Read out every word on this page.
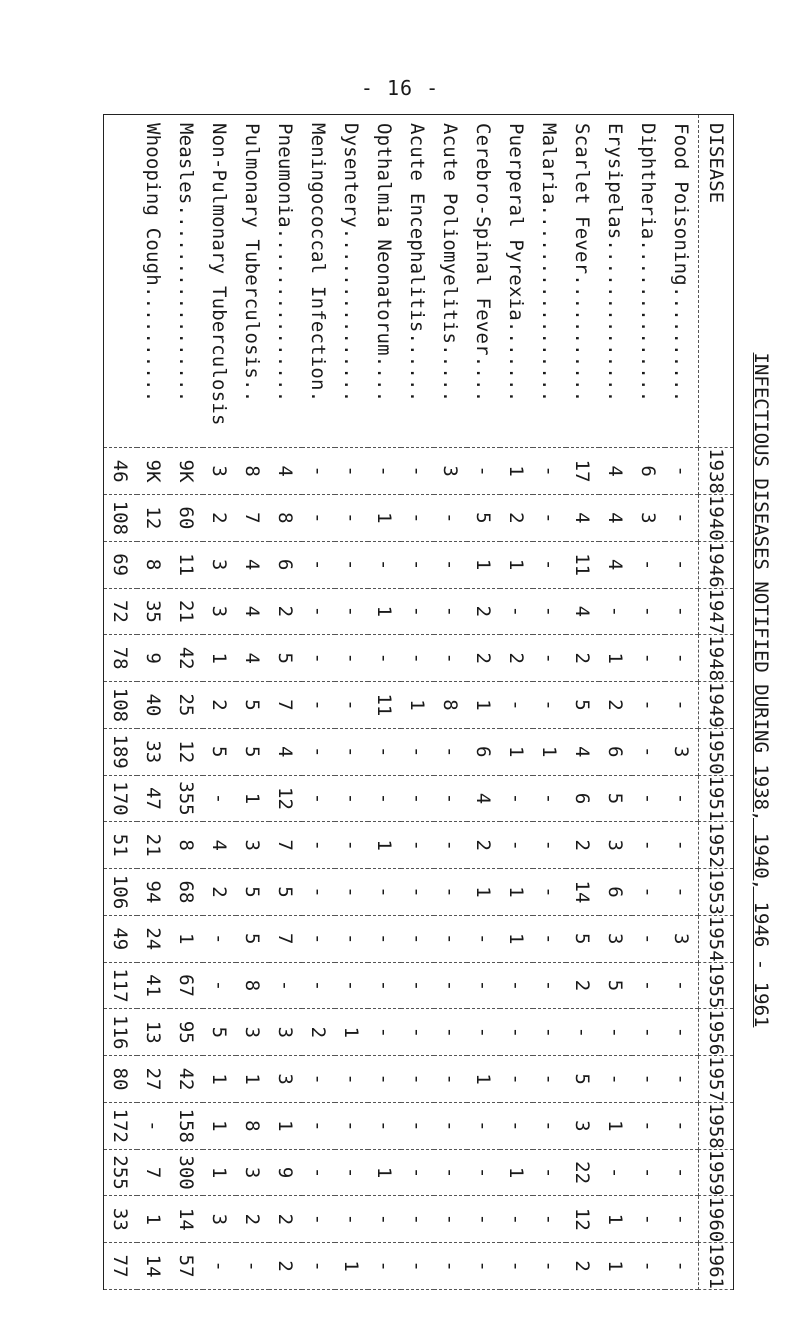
- 16 -
INFECTIOUS DISEASES NOTIFIED DURING 1938, 1940, 1946 - 1961
DISEASE	1938	1940	1946	1947	1948	1949	1950	1951	1952	1953	1954	1955	1956	1957	1958	1959	1960	1961
Food Poisoning..........	-	-	-	-	-	-	3	-	-	-	3	-	-	-	-	-	-	-
Diphtheria..............	6	3	-	-	-	-	-	-	-	-	-	-	-	-	-	-	-	-
Erysipelas..............	4	4	4	-	1	2	6	5	3	6	3	5	-	-	1	-	1	1
Scarlet Fever...........	17	4	11	4	2	5	4	6	2	14	5	2	-	5	3	22	12	2
Malaria.................	-	-	-	-	-	-	1	-	-	-	-	-	-	-	-	-	-	-
Puerperal Pyrexia.......	1	2	1	-	2	-	1	-	-	1	1	-	-	-	-	1	-	-
Cerebro-Spinal Fever....	-	5	1	2	2	1	6	4	2	1	-	-	-	1	-	-	-	-
Acute Poliomyelitis.....	3	-	-	-	-	8	-	-	-	-	-	-	-	-	-	-	-	-
Acute Encephalitis......	-	-	-	-	-	1	-	-	-	-	-	-	-	-	-	-	-	-
Opthalmia Neonatorum....	-	1	-	1	-	11	-	-	1	-	-	-	-	-	-	1	-	-
Dysentery...............	-	-	-	-	-	-	-	-	-	-	-	-	1	-	-	-	-	1
Meningococcal Infection.	-	-	-	-	-	-	-	-	-	-	-	-	2	-	-	-	-	-
Pneumonia...............	4	8	6	2	5	7	4	12	7	5	7	-	3	3	1	9	2	2
Pulmonary Tuberculosis..	8	7	4	4	4	5	5	1	3	5	5	8	3	1	8	3	2	-
Non-Pulmonary Tuberculosis	3	2	3	3	1	2	5	-	4	2	-	-	5	1	1	1	3	-
Measles.................	9K	60	11	21	42	25	12	355	8	68	1	67	95	42	158	300	14	57
Whooping Cough..........	9K	12	8	35	9	40	33	47	21	94	24	41	13	27	-	7	1	14
	46	108	69	72	78	108	189	170	51	106	49	117	116	80	172	255	33	77
